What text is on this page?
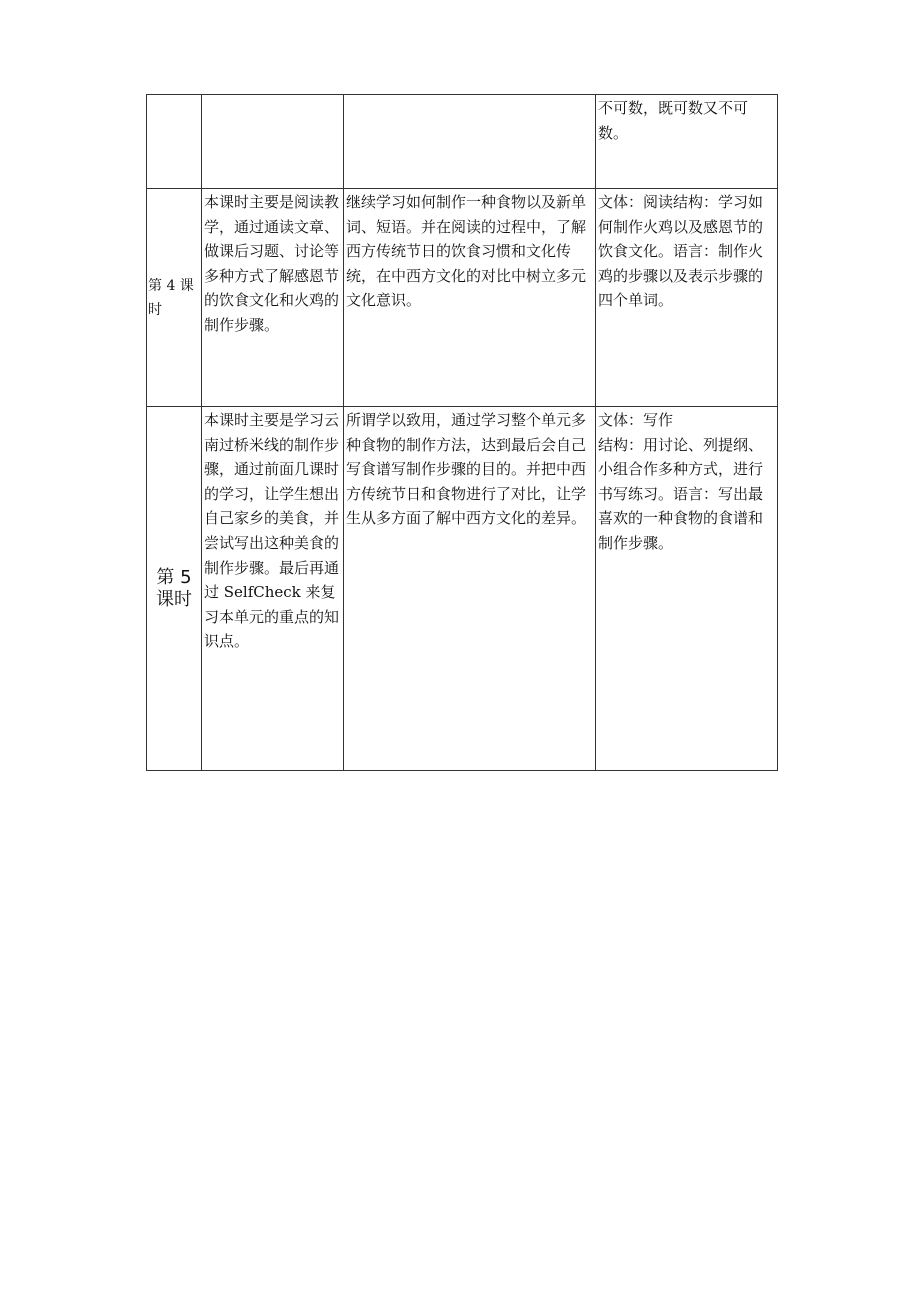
			不可数，既可数又不可数。

第 4 课时	本课时主要是阅读教学，通过通读文章、做课后习题、讨论等多种方式了解感恩节的饮食文化和火鸡的制作步骤。	继续学习如何制作一种食物以及新单词、短语。并在阅读的过程中，了解西方传统节日的饮食习惯和文化传统，在中西方文化的对比中树立多元文化意识。	文体：阅读结构：学习如何制作火鸡以及感恩节的饮食文化。语言：制作火鸡的步骤以及表示步骤的四个单词。

第 5 课时	本课时主要是学习云南过桥米线的制作步骤，通过前面几课时的学习，让学生想出自己家乡的美食，并尝试写出这种美食的制作步骤。最后再通过 SelfCheck 来复习本单元的重点的知识点。	所谓学以致用，通过学习整个单元多种食物的制作方法，达到最后会自己写食谱写制作步骤的目的。并把中西方传统节日和食物进行了对比，让学生从多方面了解中西方文化的差异。	文体：写作
结构：用讨论、列提纲、小组合作多种方式，进行书写练习。语言：写出最喜欢的一种食物的食谱和制作步骤。
